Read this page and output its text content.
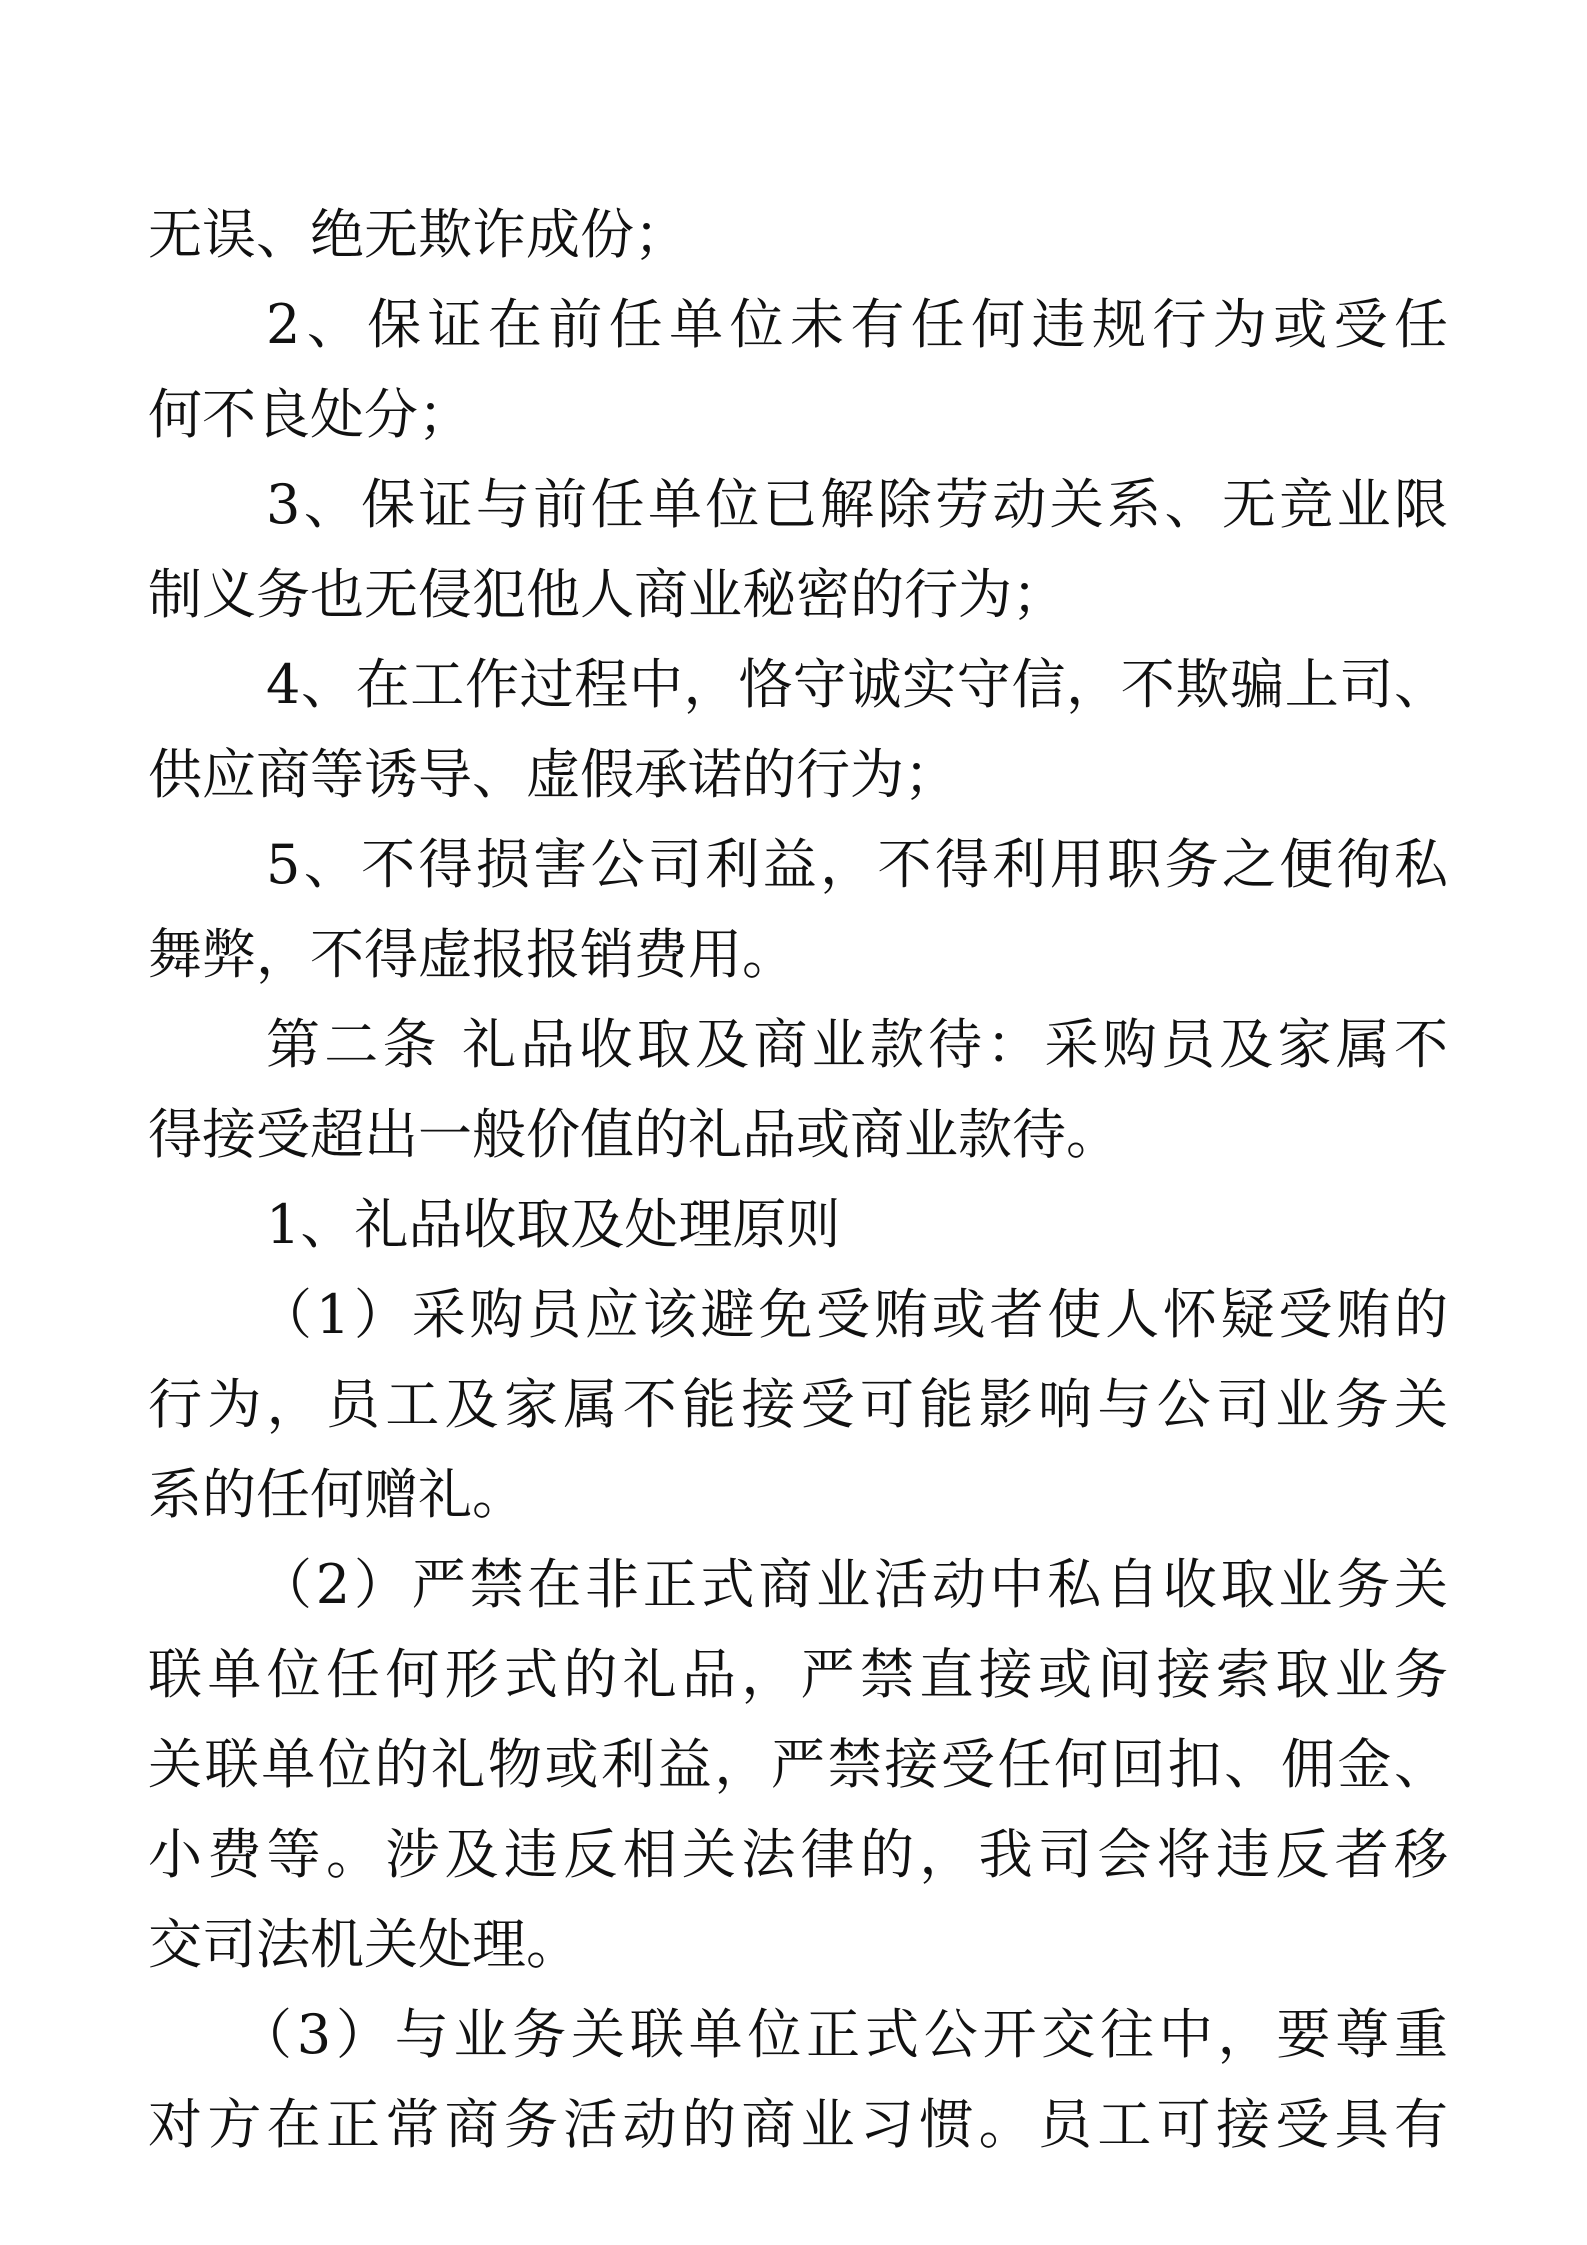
无误、绝无欺诈成份；
2、保证在前任单位未有任何违规行为或受任
何不良处分；
3、保证与前任单位已解除劳动关系、无竞业限
制义务也无侵犯他人商业秘密的行为；
4、在工作过程中，恪守诚实守信，不欺骗上司、
供应商等诱导、虚假承诺的行为；
5、不得损害公司利益，不得利用职务之便徇私
舞弊，不得虚报报销费用。
第二条 礼品收取及商业款待：采购员及家属不
得接受超出一般价值的礼品或商业款待。
1、礼品收取及处理原则
（1）采购员应该避免受贿或者使人怀疑受贿的
行为，员工及家属不能接受可能影响与公司业务关
系的任何赠礼。
（2）严禁在非正式商业活动中私自收取业务关
联单位任何形式的礼品，严禁直接或间接索取业务
关联单位的礼物或利益，严禁接受任何回扣、佣金、
小费等。涉及违反相关法律的，我司会将违反者移
交司法机关处理。
（3）与业务关联单位正式公开交往中，要尊重
对方在正常商务活动的商业习惯。员工可接受具有
